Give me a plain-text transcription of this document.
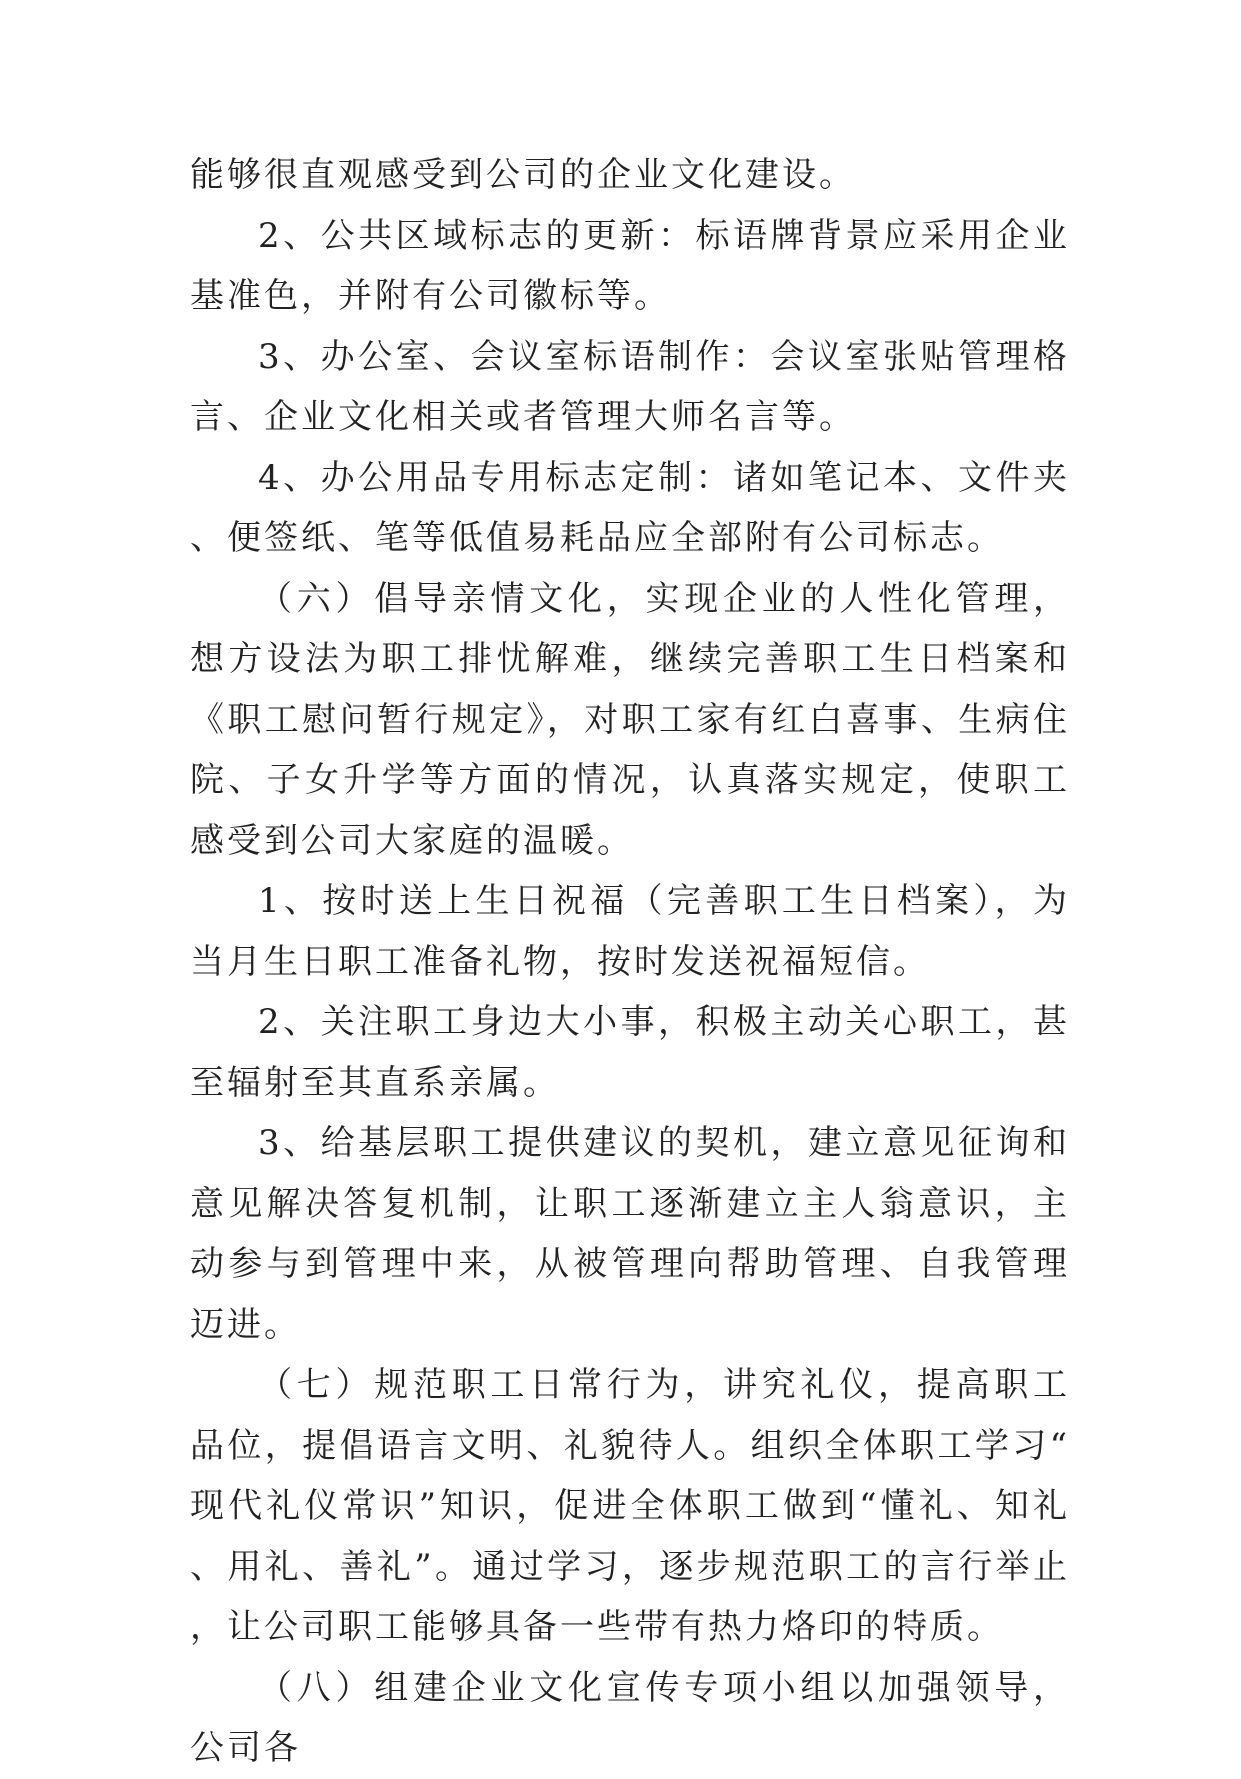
能够很直观感受到公司的企业文化建设。

2、公共区域标志的更新：标语牌背景应采用企业基准色，并附有公司徽标等。

3、办公室、会议室标语制作：会议室张贴管理格言、企业文化相关或者管理大师名言等。

4、办公用品专用标志定制：诸如笔记本、文件夹、便签纸、笔等低值易耗品应全部附有公司标志。

（六）倡导亲情文化，实现企业的人性化管理，想方设法为职工排忧解难，继续完善职工生日档案和《职工慰问暂行规定》，对职工家有红白喜事、生病住院、子女升学等方面的情况，认真落实规定，使职工感受到公司大家庭的温暖。

1、按时送上生日祝福（完善职工生日档案），为当月生日职工准备礼物，按时发送祝福短信。

2、关注职工身边大小事，积极主动关心职工，甚至辐射至其直系亲属。

3、给基层职工提供建议的契机，建立意见征询和意见解决答复机制，让职工逐渐建立主人翁意识，主动参与到管理中来，从被管理向帮助管理、自我管理迈进。

（七）规范职工日常行为，讲究礼仪，提高职工品位，提倡语言文明、礼貌待人。组织全体职工学习“现代礼仪常识”知识，促进全体职工做到“懂礼、知礼、用礼、善礼”。通过学习，逐步规范职工的言行举止，让公司职工能够具备一些带有热力烙印的特质。

（八）组建企业文化宣传专项小组以加强领导，公司各
